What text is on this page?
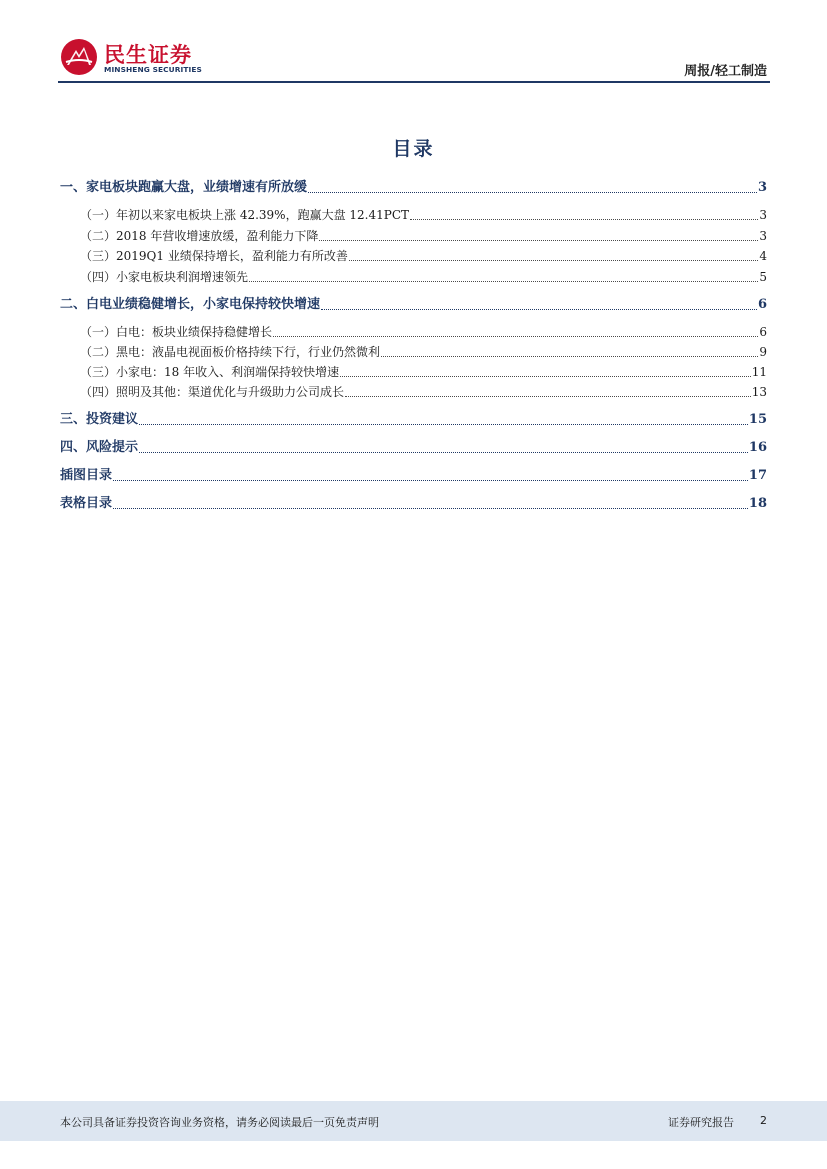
民生证券
MINSHENG SECURITIES	周报/轻工制造
目录
一、家电板块跑赢大盘，业绩增速有所放缓	3
（一）年初以来家电板块上涨 42.39%，跑赢大盘 12.41PCT	3
（二）2018 年营收增速放缓，盈利能力下降	3
（三）2019Q1 业绩保持增长，盈利能力有所改善	4
（四）小家电板块利润增速领先	5
二、白电业绩稳健增长，小家电保持较快增速	6
（一）白电：板块业绩保持稳健增长	6
（二）黑电：液晶电视面板价格持续下行，行业仍然微利	9
（三）小家电：18 年收入、利润端保持较快增速	11
（四）照明及其他：渠道优化与升级助力公司成长	13
三、投资建议	15
四、风险提示	16
插图目录	17
表格目录	18
本公司具备证券投资咨询业务资格，请务必阅读最后一页免责声明	证券研究报告 2
